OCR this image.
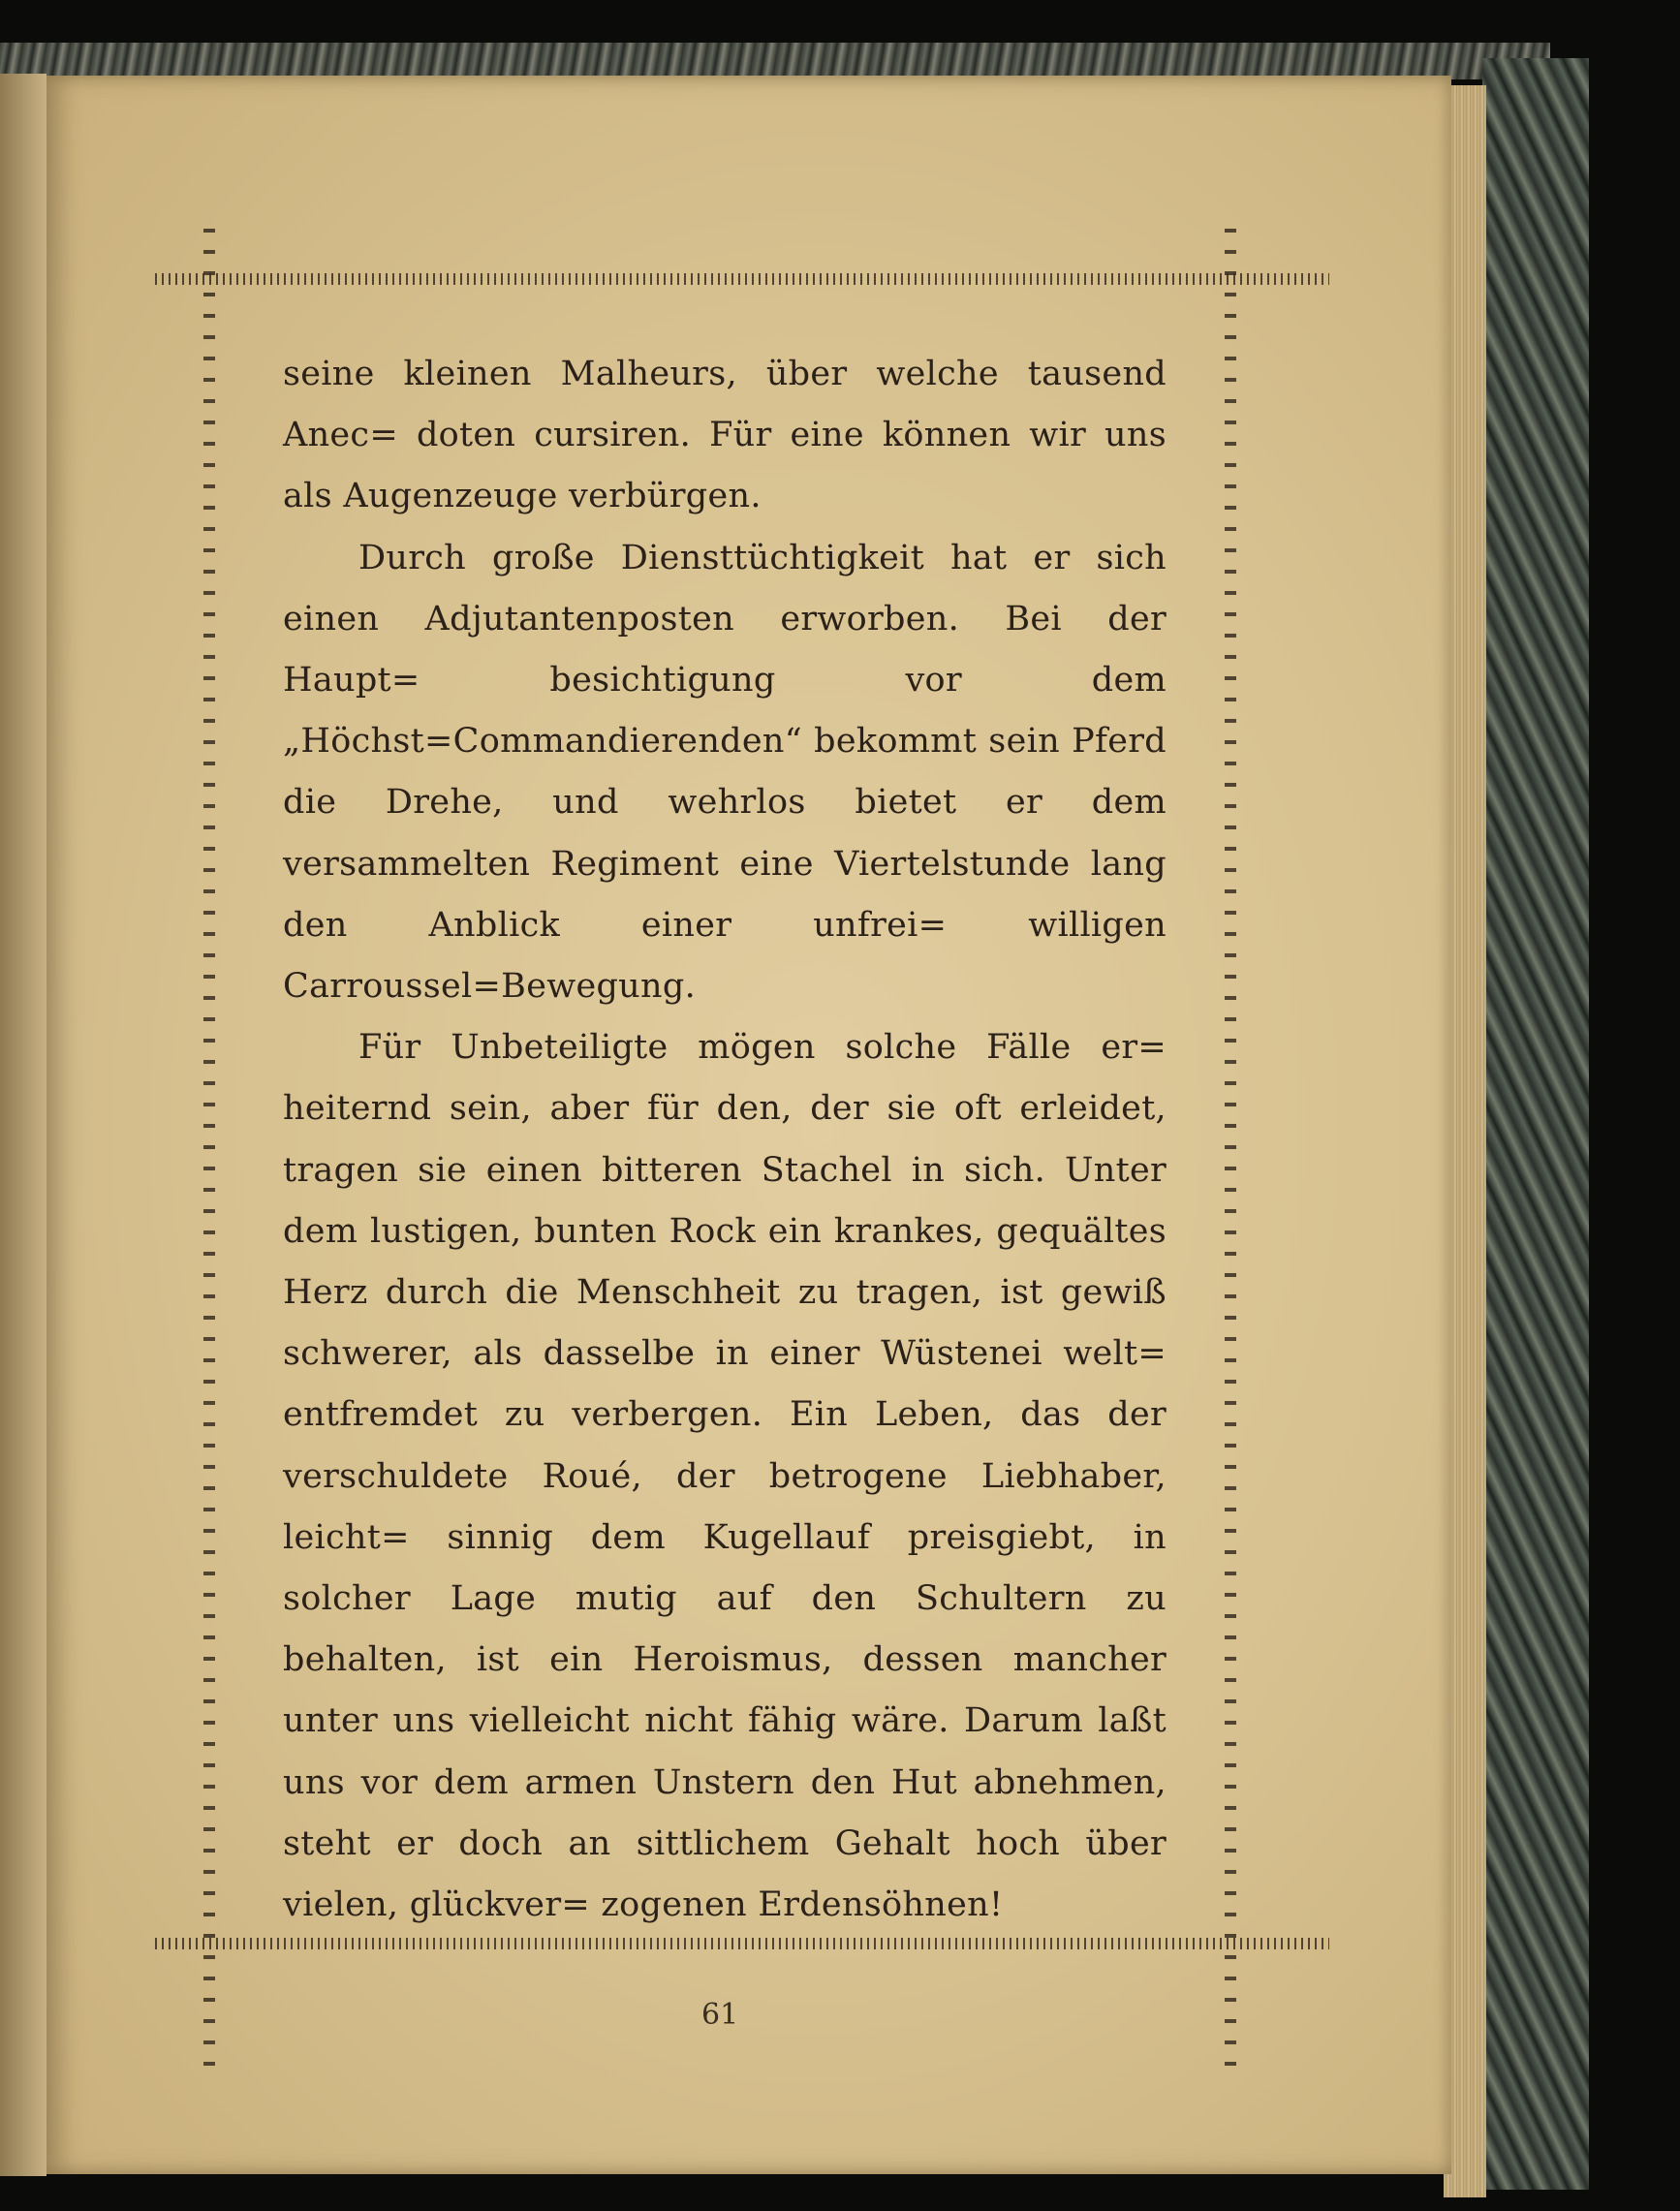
seine kleinen Malheurs, über welche tausend Anec= doten cursiren. Für eine können wir uns als Augenzeuge verbürgen.

Durch große Diensttüchtigkeit hat er sich einen Adjutantenposten erworben. Bei der Haupt= besichtigung vor dem „Höchst=Commandierenden“ bekommt sein Pferd die Drehe, und wehrlos bietet er dem versammelten Regiment eine Viertelstunde lang den Anblick einer unfrei= willigen Carroussel=Bewegung.

Für Unbeteiligte mögen solche Fälle er= heiternd sein, aber für den, der sie oft erleidet, tragen sie einen bitteren Stachel in sich. Unter dem lustigen, bunten Rock ein krankes, gequältes Herz durch die Menschheit zu tragen, ist gewiß schwerer, als dasselbe in einer Wüstenei welt= entfremdet zu verbergen. Ein Leben, das der verschuldete Roué, der betrogene Liebhaber, leicht= sinnig dem Kugellauf preisgiebt, in solcher Lage mutig auf den Schultern zu behalten, ist ein Heroismus, dessen mancher unter uns vielleicht nicht fähig wäre. Darum laßt uns vor dem armen Unstern den Hut abnehmen, steht er doch an sittlichem Gehalt hoch über vielen, glückver= zogenen Erdensöhnen!

61
